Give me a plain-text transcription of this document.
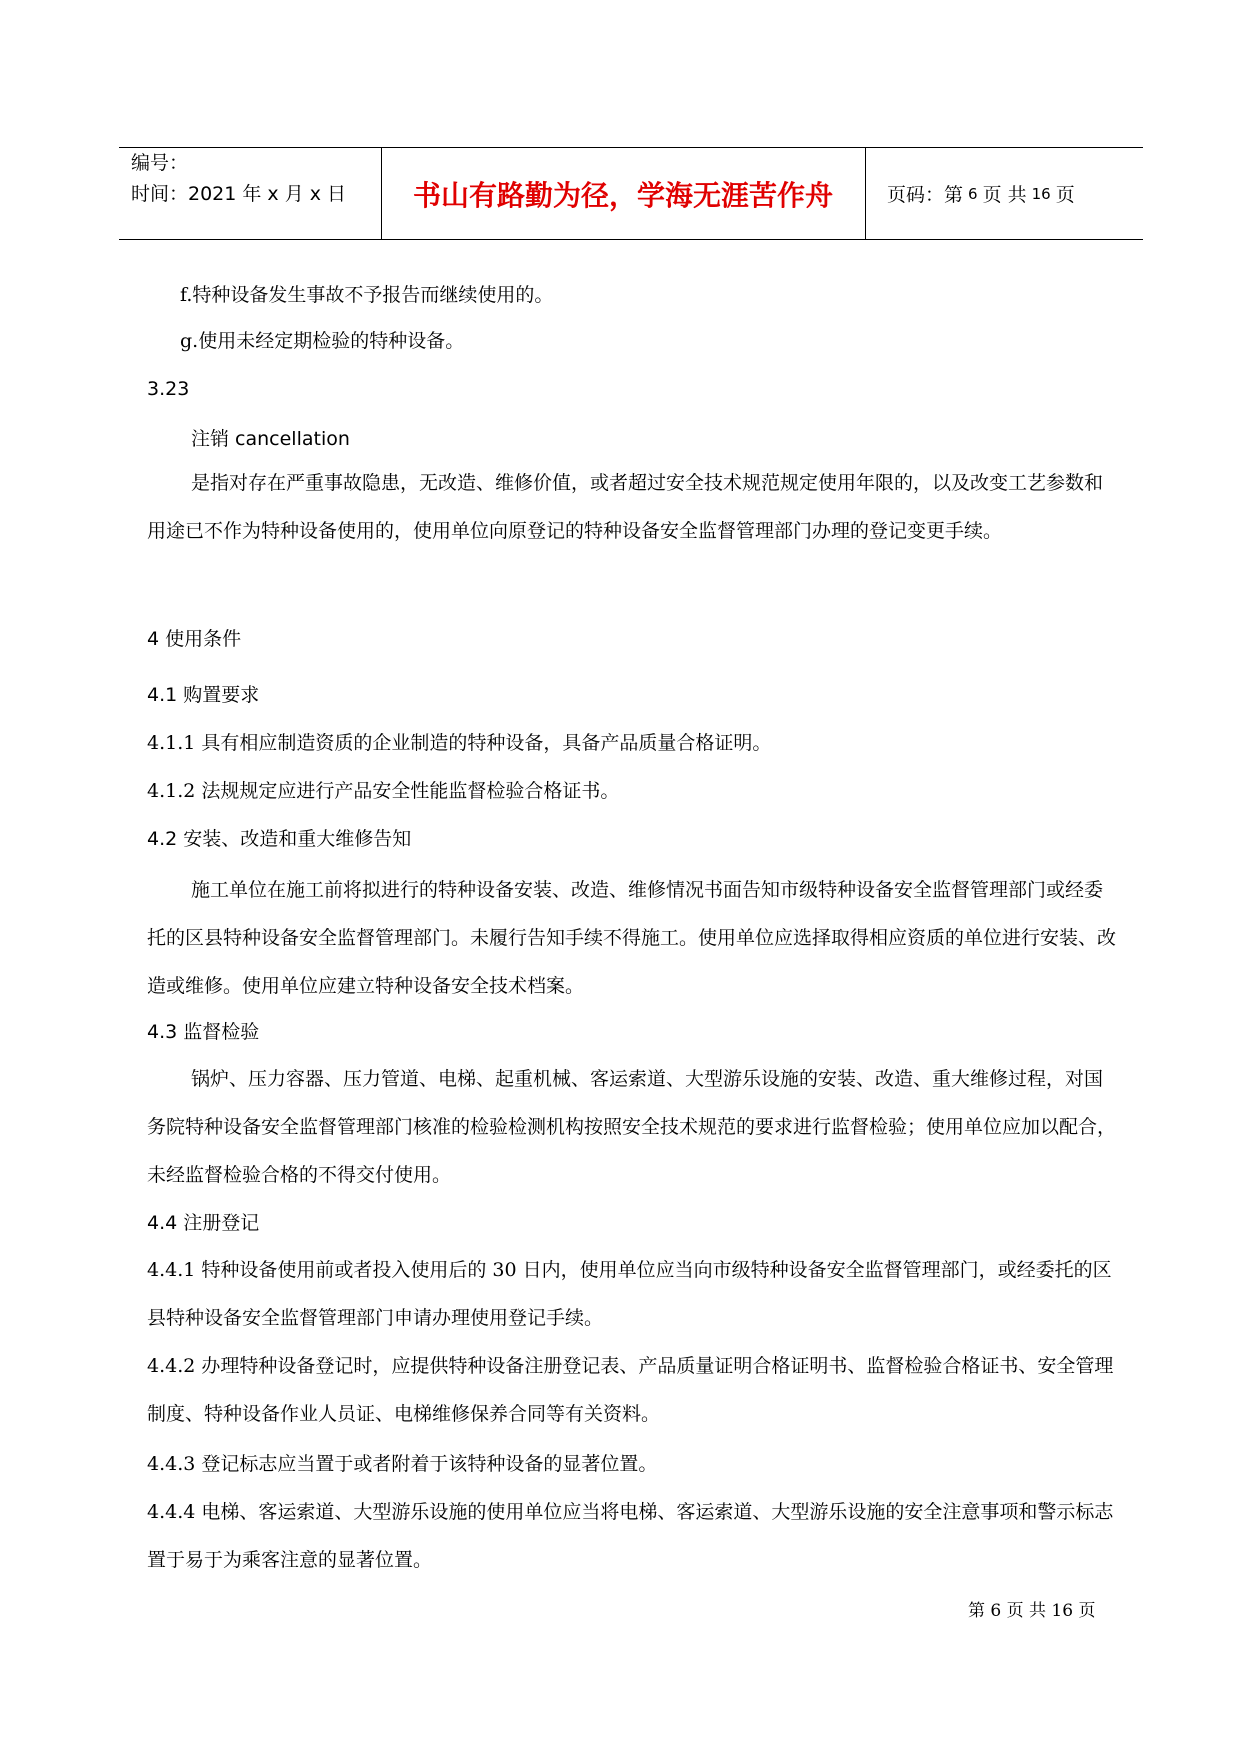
编号：
时间：2021 年 x 月 x 日	书山有路勤为径，学海无涯苦作舟	页码：第 6 页 共 16 页
f.特种设备发生事故不予报告而继续使用的。
g.使用未经定期检验的特种设备。
3.23
注销 cancellation
是指对存在严重事故隐患，无改造、维修价值，或者超过安全技术规范规定使用年限的，以及改变工艺参数和用途已不作为特种设备使用的，使用单位向原登记的特种设备安全监督管理部门办理的登记变更手续。
4 使用条件
4.1 购置要求
4.1.1 具有相应制造资质的企业制造的特种设备，具备产品质量合格证明。
4.1.2 法规规定应进行产品安全性能监督检验合格证书。
4.2 安装、改造和重大维修告知
施工单位在施工前将拟进行的特种设备安装、改造、维修情况书面告知市级特种设备安全监督管理部门或经委托的区县特种设备安全监督管理部门。未履行告知手续不得施工。使用单位应选择取得相应资质的单位进行安装、改造或维修。使用单位应建立特种设备安全技术档案。
4.3 监督检验
锅炉、压力容器、压力管道、电梯、起重机械、客运索道、大型游乐设施的安装、改造、重大维修过程，对国务院特种设备安全监督管理部门核准的检验检测机构按照安全技术规范的要求进行监督检验；使用单位应加以配合，未经监督检验合格的不得交付使用。
4.4 注册登记
4.4.1 特种设备使用前或者投入使用后的 30 日内，使用单位应当向市级特种设备安全监督管理部门，或经委托的区县特种设备安全监督管理部门申请办理使用登记手续。
4.4.2 办理特种设备登记时，应提供特种设备注册登记表、产品质量证明合格证明书、监督检验合格证书、安全管理制度、特种设备作业人员证、电梯维修保养合同等有关资料。
4.4.3 登记标志应当置于或者附着于该特种设备的显著位置。
4.4.4 电梯、客运索道、大型游乐设施的使用单位应当将电梯、客运索道、大型游乐设施的安全注意事项和警示标志置于易于为乘客注意的显著位置。
第 6 页 共 16 页
